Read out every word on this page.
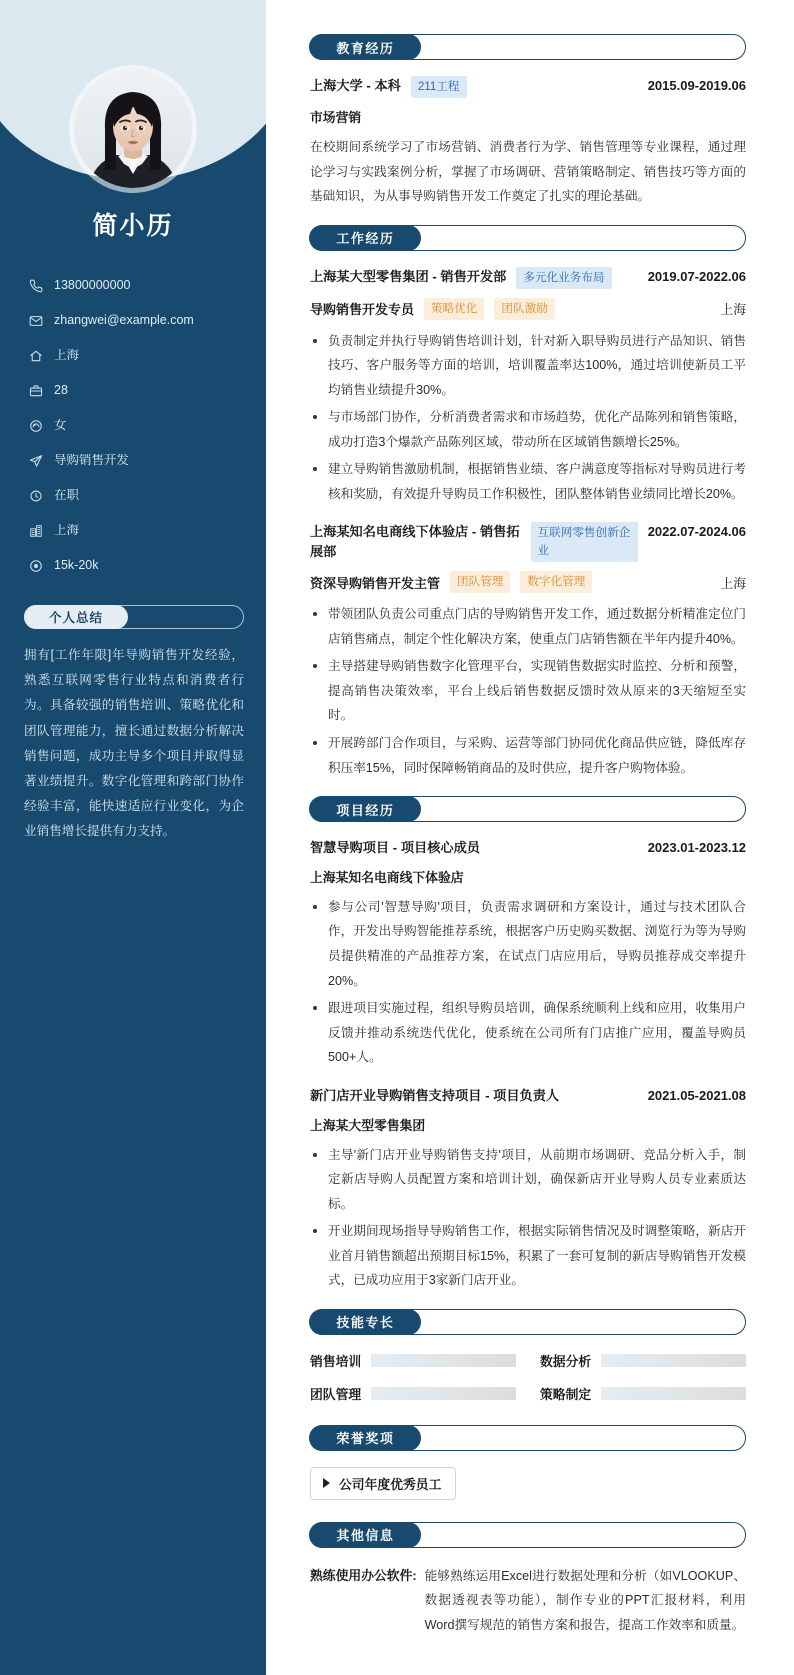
简小历
13800000000
zhangwei@example.com
上海
28
女
导购销售开发
在职
上海
15k-20k
个人总结
拥有[工作年限]年导购销售开发经验，熟悉互联网零售行业特点和消费者行为。具备较强的销售培训、策略优化和团队管理能力，擅长通过数据分析解决销售问题，成功主导多个项目并取得显著业绩提升。数字化管理和跨部门协作经验丰富，能快速适应行业变化，为企业销售增长提供有力支持。
教育经历
上海大学 - 本科	211工程	2015.09-2019.06
市场营销
在校期间系统学习了市场营销、消费者行为学、销售管理等专业课程，通过理论学习与实践案例分析，掌握了市场调研、营销策略制定、销售技巧等方面的基础知识，为从事导购销售开发工作奠定了扎实的理论基础。
工作经历
上海某大型零售集团 - 销售开发部	多元化业务布局	2019.07-2022.06
导购销售开发专员	策略优化	团队激励	上海
负责制定并执行导购销售培训计划，针对新入职导购员进行产品知识、销售技巧、客户服务等方面的培训，培训覆盖率达100%，通过培训使新员工平均销售业绩提升30%。
与市场部门协作，分析消费者需求和市场趋势，优化产品陈列和销售策略，成功打造3个爆款产品陈列区域，带动所在区域销售额增长25%。
建立导购销售激励机制，根据销售业绩、客户满意度等指标对导购员进行考核和奖励，有效提升导购员工作积极性，团队整体销售业绩同比增长20%。
上海某知名电商线下体验店 - 销售拓展部
互联网零售创新企业
2022.07-2024.06
资深导购销售开发主管	团队管理	数字化管理	上海
带领团队负责公司重点门店的导购销售开发工作，通过数据分析精准定位门店销售痛点，制定个性化解决方案，使重点门店销售额在半年内提升40%。
主导搭建导购销售数字化管理平台，实现销售数据实时监控、分析和预警，提高销售决策效率，平台上线后销售数据反馈时效从原来的3天缩短至实时。
开展跨部门合作项目，与采购、运营等部门协同优化商品供应链，降低库存积压率15%，同时保障畅销商品的及时供应，提升客户购物体验。
项目经历
智慧导购项目 - 项目核心成员	2023.01-2023.12
上海某知名电商线下体验店
参与公司'智慧导购'项目，负责需求调研和方案设计，通过与技术团队合作，开发出导购智能推荐系统，根据客户历史购买数据、浏览行为等为导购员提供精准的产品推荐方案，在试点门店应用后，导购员推荐成交率提升20%。
跟进项目实施过程，组织导购员培训，确保系统顺利上线和应用，收集用户反馈并推动系统迭代优化，使系统在公司所有门店推广应用，覆盖导购员500+人。
新门店开业导购销售支持项目 - 项目负责人	2021.05-2021.08
上海某大型零售集团
主导'新门店开业导购销售支持'项目，从前期市场调研、竞品分析入手，制定新店导购人员配置方案和培训计划，确保新店开业导购人员专业素质达标。
开业期间现场指导导购销售工作，根据实际销售情况及时调整策略，新店开业首月销售额超出预期目标15%，积累了一套可复制的新店导购销售开发模式，已成功应用于3家新门店开业。
技能专长
销售培训	数据分析
团队管理	策略制定
荣誉奖项
公司年度优秀员工
其他信息
熟练使用办公软件: 能够熟练运用Excel进行数据处理和分析（如VLOOKUP、数据透视表等功能），制作专业的PPT汇报材料，利用Word撰写规范的销售方案和报告，提高工作效率和质量。
